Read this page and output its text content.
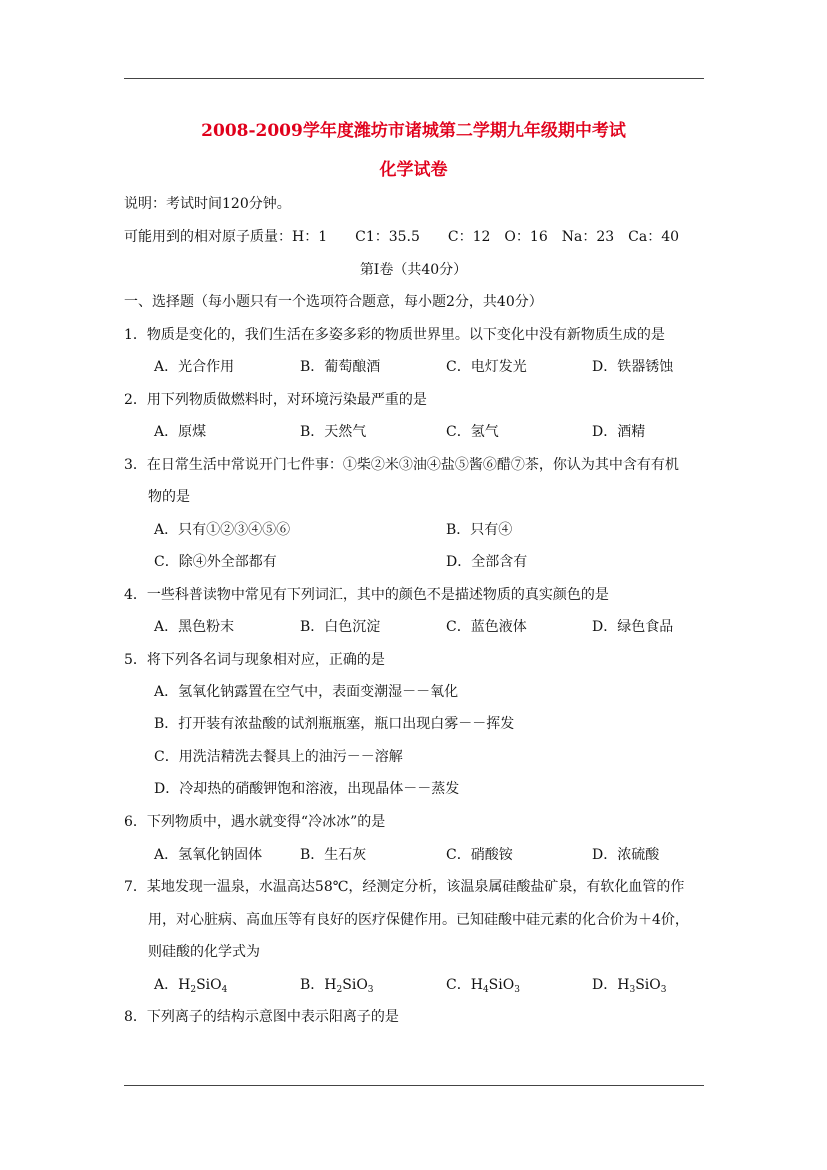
2008-2009学年度潍坊市诸城第二学期九年级期中考试
化学试卷
说明：考试时间120分钟。
可能用到的相对原子质量：H：1　　C1：35.5　　C：12　O：16　Na：23　Ca：40
第Ⅰ卷（共40分）
一、选择题（每小题只有一个选项符合题意，每小题2分，共40分）
1．物质是变化的，我们生活在多姿多彩的物质世界里。以下变化中没有新物质生成的是
A．光合作用	B．葡萄酿酒	C．电灯发光	D．铁器锈蚀
2．用下列物质做燃料时，对环境污染最严重的是
A．原煤	B．天然气	C．氢气	D．酒精
3．在日常生活中常说开门七件事：①柴②米③油④盐⑤酱⑥醋⑦茶，你认为其中含有有机
物的是
A．只有①②③④⑤⑥	B．只有④
C．除④外全部都有	D．全部含有
4．一些科普读物中常见有下列词汇，其中的颜色不是描述物质的真实颜色的是
A．黑色粉末	B．白色沉淀	C．蓝色液体	D．绿色食品
5．将下列各名词与现象相对应，正确的是
A．氢氧化钠露置在空气中，表面变潮湿－－氧化
B．打开装有浓盐酸的试剂瓶瓶塞，瓶口出现白雾－－挥发
C．用洗洁精洗去餐具上的油污－－溶解
D．冷却热的硝酸钾饱和溶液，出现晶体－－蒸发
6．下列物质中，遇水就变得“冷冰冰”的是
A．氢氧化钠固体	B．生石灰	C．硝酸铵	D．浓硫酸
7．某地发现一温泉，水温高达58℃，经测定分析，该温泉属硅酸盐矿泉，有软化血管的作
用，对心脏病、高血压等有良好的医疗保健作用。已知硅酸中硅元素的化合价为＋4价，
则硅酸的化学式为
A．$H_2SiO_4$	B．$H_2SiO_3$	C．$H_4SiO_3$	D．$H_3SiO_3$
8．下列离子的结构示意图中表示阳离子的是
